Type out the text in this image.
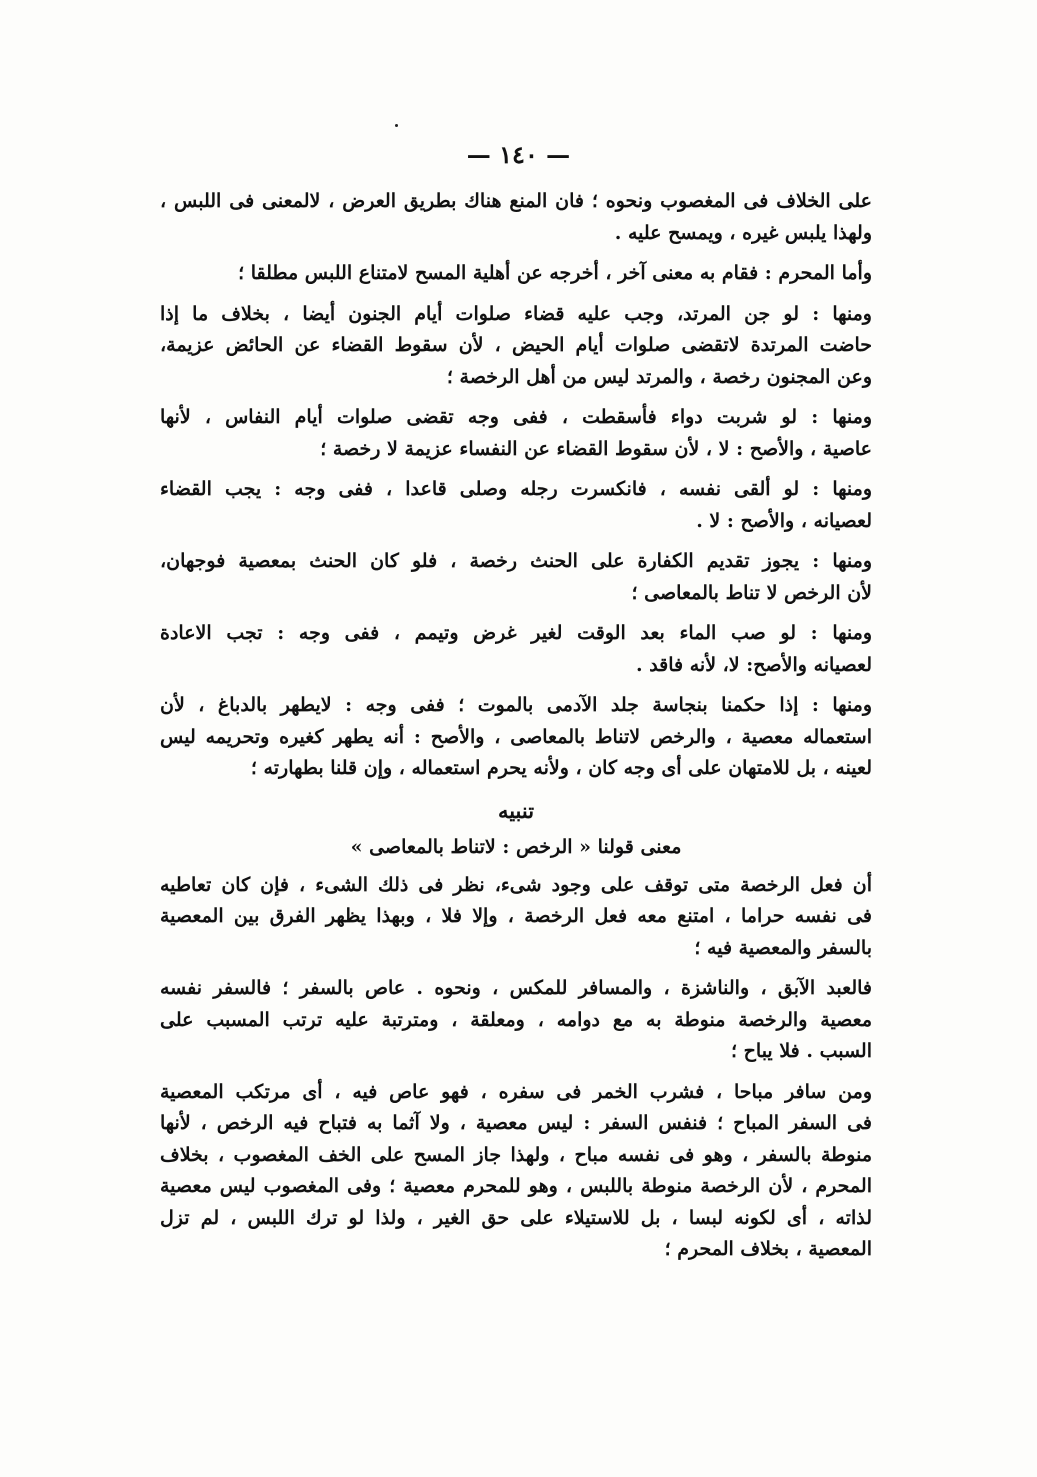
— ١٤٠ —

على الخلاف فى المغصوب ونحوه ؛ فان المنع هناك بطريق العرض ، لالمعنى فى اللبس ،
ولهذا يلبس غيره ، ويمسح عليه .

وأما المحرم : فقام به معنى آخر ، أخرجه عن أهلية المسح لامتناع اللبس مطلقا ؛

ومنها : لو جن المرتد، وجب عليه قضاء صلوات أيام الجنون أيضا ، بخلاف ما إذا
حاضت المرتدة لاتقضى صلوات أيام الحيض ، لأن سقوط القضاء عن الحائض عزيمة،
وعن المجنون رخصة ، والمرتد ليس من أهل الرخصة ؛

ومنها : لو شربت دواء فأسقطت ، ففى وجه تقضى صلوات أيام النفاس ، لأنها
عاصية ، والأصح : لا ، لأن سقوط القضاء عن النفساء عزيمة لا رخصة ؛

ومنها : لو ألقى نفسه ، فانكسرت رجله وصلى قاعدا ، ففى وجه : يجب القضاء
لعصيانه ، والأصح : لا .

ومنها : يجوز تقديم الكفارة على الحنث رخصة ، فلو كان الحنث بمعصية فوجهان،
لأن الرخص لا تناط بالمعاصى ؛

ومنها : لو صب الماء بعد الوقت لغير غرض وتيمم ، ففى وجه : تجب الاعادة
لعصيانه والأصح: لا، لأنه فاقد .

ومنها : إذا حكمنا بنجاسة جلد الآدمى بالموت ؛ ففى وجه : لايطهر بالدباغ ، لأن
استعماله معصية ، والرخص لاتناط بالمعاصى ، والأصح : أنه يطهر كغيره وتحريمه ليس
لعينه ، بل للامتهان على أى وجه كان ، ولأنه يحرم استعماله ، وإن قلنا بطهارته ؛

تنبيه
معنى قولنا « الرخص : لاتناط بالمعاصى »

أن فعل الرخصة متى توقف على وجود شىء، نظر فى ذلك الشىء ، فإن كان تعاطيه
فى نفسه حراما ، امتنع معه فعل الرخصة ، وإلا فلا ، وبهذا يظهر الفرق بين المعصية
بالسفر والمعصية فيه ؛

فالعبد الآبق ، والناشزة ، والمسافر للمكس ، ونحوه . عاص بالسفر ؛ فالسفر نفسه
معصية والرخصة منوطة به مع دوامه ، ومعلقة ، ومترتبة عليه ترتب المسبب على
السبب . فلا يباح ؛

ومن سافر مباحا ، فشرب الخمر فى سفره ، فهو عاص فيه ، أى مرتكب المعصية
فى السفر المباح ؛ فنفس السفر : ليس معصية ، ولا آثما به فتباح فيه الرخص ، لأنها
منوطة بالسفر ، وهو فى نفسه مباح ، ولهذا جاز المسح على الخف المغصوب ، بخلاف
المحرم ، لأن الرخصة منوطة باللبس ، وهو للمحرم معصية ؛ وفى المغصوب ليس معصية
لذاته ، أى لكونه لبسا ، بل للاستيلاء على حق الغير ، ولذا لو ترك اللبس ، لم تزل
المعصية ، بخلاف المحرم ؛
